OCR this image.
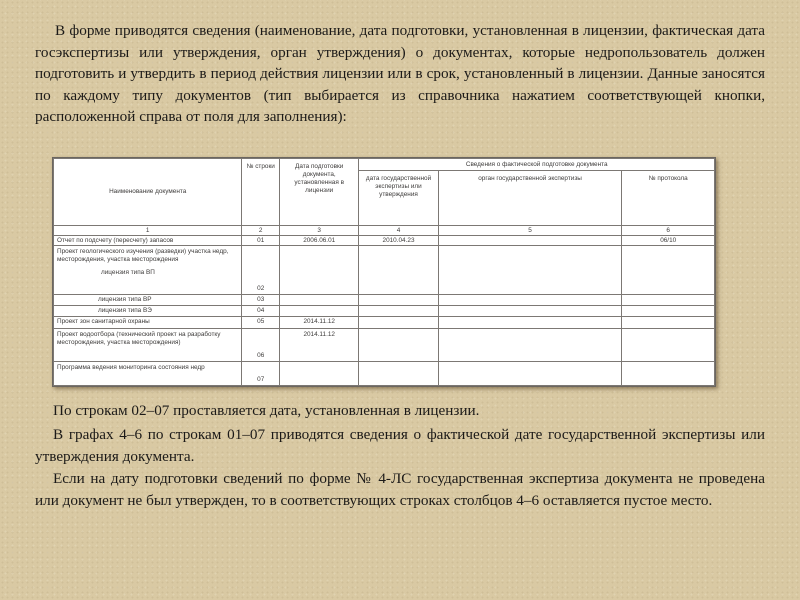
В форме приводятся сведения (наименование, дата подготовки, установленная в лицензии, фактическая дата госэкспертизы или утверждения, орган утверждения) о документах, которые недропользователь должен подготовить и утвердить в период действия лицензии или в срок, установленный в лицензии. Данные заносятся по каждому типу документов (тип выбирается из справочника нажатием соответствующей кнопки, расположенной справа от поля для заполнения):

Наименование документа	№ строки	Дата подготовки документа, установленная в лицензии	Сведения о фактической подготовке документа		
			дата государственной экспертизы или утверждения	орган государственной экспертизы	№ протокола
1	2	3	4	5	6
Отчет по подсчету (пересчету) запасов	01	2006.06.01	2010.04.23		06/10

Проект геологического изучения (разведки) участка недр, месторождения, участка месторождения
лицензия типа ВП	02				
лицензия типа ВР	03				
лицензия типа ВЭ	04				
Проект зон санитарной охраны	05	2014.11.12			
Проект водоотбора (технический проект на разработку месторождения, участка месторождения)	06	2014.11.12			
Программа ведения мониторинга состояния недр	07				

По строкам 02–07 проставляется дата, установленная в лицензии.

В графах 4–6 по строкам 01–07 приводятся сведения о фактической дате государственной экспертизы или утверждения документа.

Если на дату подготовки сведений по форме № 4-ЛС государственная экспертиза документа не проведена или документ не был утвержден, то в соответствующих строках столбцов 4–6 оставляется пустое место.
